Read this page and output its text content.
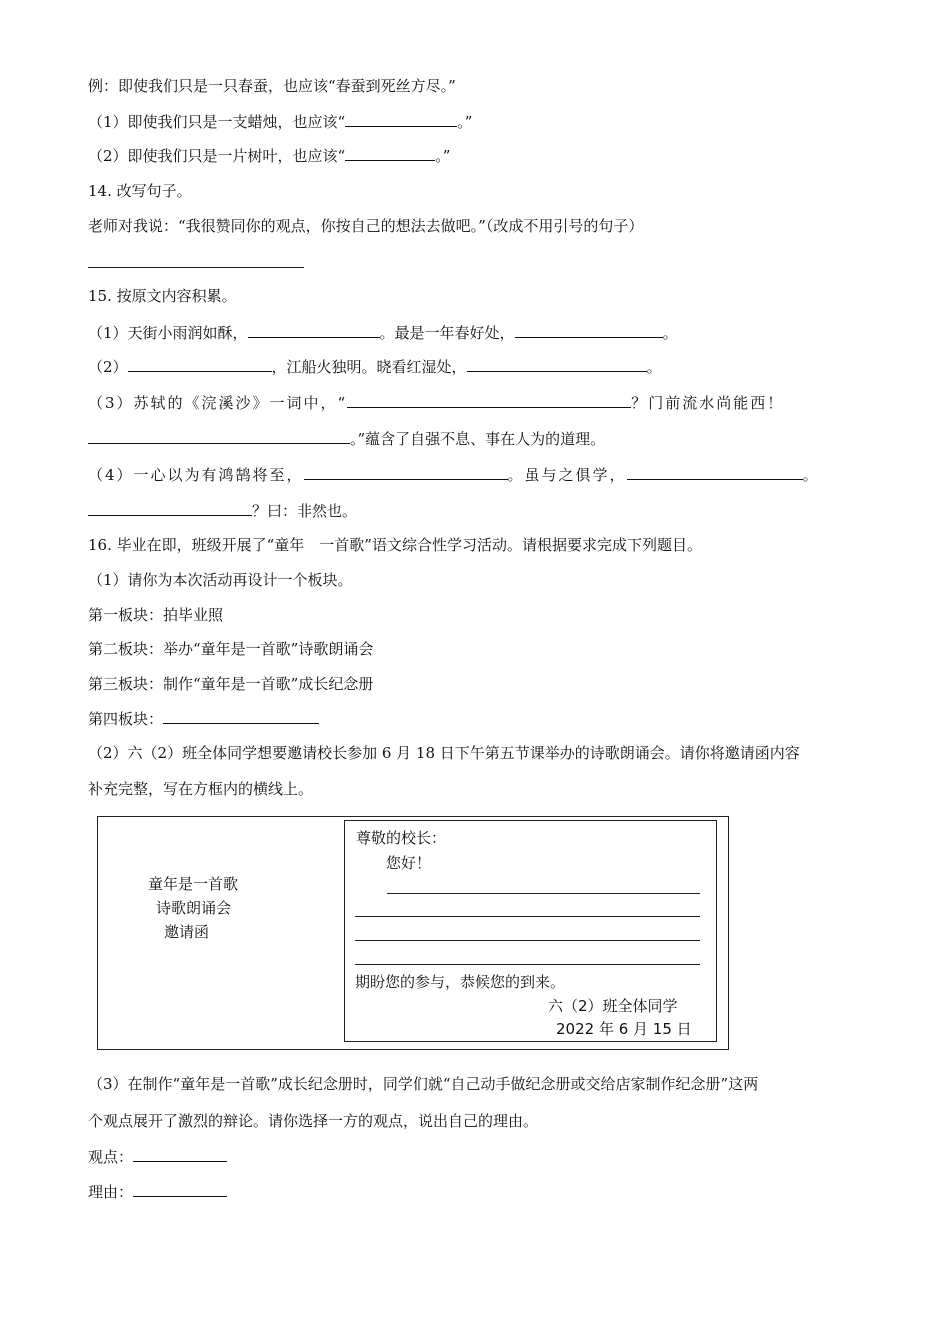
例：即使我们只是一只春蚕，也应该“春蚕到死丝方尽。”
（1）即使我们只是一支蜡烛，也应该“	。”
（2）即使我们只是一片树叶，也应该“	。”
14. 改写句子。
老师对我说：“我很赞同你的观点，你按自己的想法去做吧。”（改成不用引号的句子）
15. 按原文内容积累。
（1）天街小雨润如酥，	。最是一年春好处，	。
（2）	，江船火独明。晓看红湿处，	。
（3）苏轼的《浣溪沙》一词中，“	？门前流水尚能西！
。”蕴含了自强不息、事在人为的道理。
（4）一心以为有鸿鹄将至，	。虽与之俱学，	。
？曰：非然也。
16. 毕业在即，班级开展了“童年　一首歌”语文综合性学习活动。请根据要求完成下列题目。
（1）请你为本次活动再设计一个板块。
第一板块：拍毕业照
第二板块：举办“童年是一首歌”诗歌朗诵会
第三板块：制作“童年是一首歌”成长纪念册
第四板块：
（2）六（2）班全体同学想要邀请校长参加 6 月 18 日下午第五节课举办的诗歌朗诵会。请你将邀请函内容
补充完整，写在方框内的横线上。
童年是一首歌
诗歌朗诵会
邀请函
尊敬的校长：
您好！
期盼您的参与，恭候您的到来。
六（2）班全体同学
2022 年 6 月 15 日
（3）在制作“童年是一首歌”成长纪念册时，同学们就“自己动手做纪念册或交给店家制作纪念册”这两
个观点展开了激烈的辩论。请你选择一方的观点，说出自己的理由。
观点：
理由：
